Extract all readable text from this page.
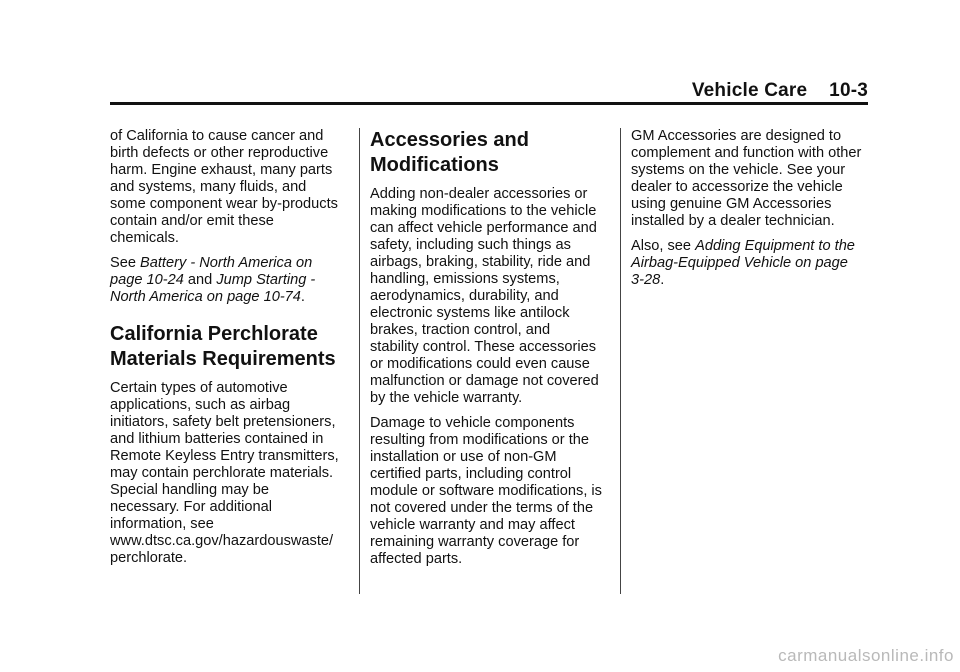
Vehicle Care 10-3

of California to cause cancer and birth defects or other reproductive harm. Engine exhaust, many parts and systems, many fluids, and some component wear by-products contain and/or emit these chemicals.

See Battery - North America on page 10-24 and Jump Starting - North America on page 10-74.

California Perchlorate
Materials Requirements

Certain types of automotive applications, such as airbag initiators, safety belt pretensioners, and lithium batteries contained in Remote Keyless Entry transmitters, may contain perchlorate materials. Special handling may be necessary. For additional information, see www.dtsc.ca.gov/hazardouswaste/ perchlorate.

Accessories and
Modifications

Adding non-dealer accessories or making modifications to the vehicle can affect vehicle performance and safety, including such things as airbags, braking, stability, ride and handling, emissions systems, aerodynamics, durability, and electronic systems like antilock brakes, traction control, and stability control. These accessories or modifications could even cause malfunction or damage not covered by the vehicle warranty.

Damage to vehicle components resulting from modifications or the installation or use of non-GM certified parts, including control module or software modifications, is not covered under the terms of the vehicle warranty and may affect remaining warranty coverage for affected parts.

GM Accessories are designed to complement and function with other systems on the vehicle. See your dealer to accessorize the vehicle using genuine GM Accessories installed by a dealer technician.

Also, see Adding Equipment to the Airbag-Equipped Vehicle on page 3-28.

carmanualsonline.info
